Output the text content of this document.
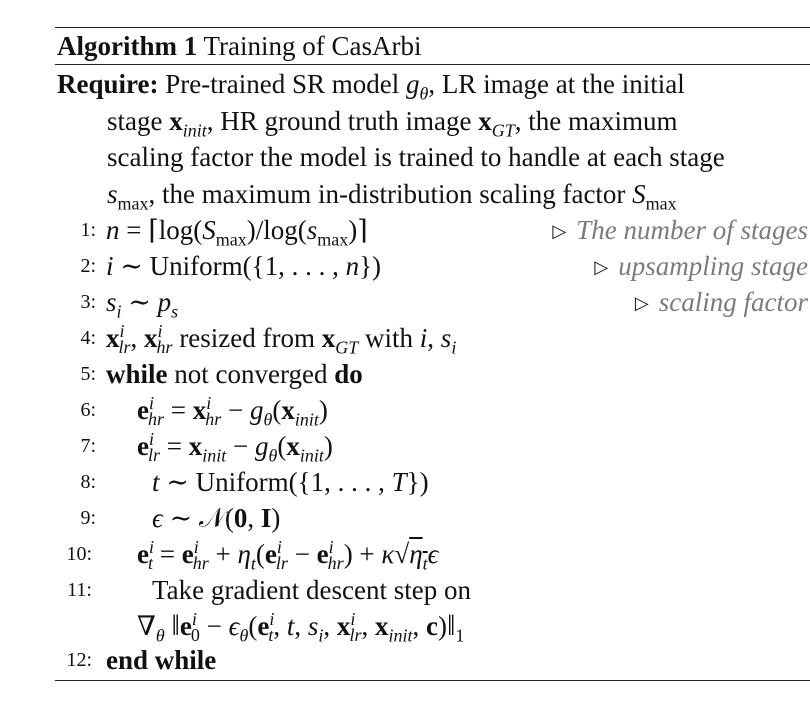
Algorithm 1 Training of CasArbi
Require: Pre-trained SR model $g_\theta$, LR image at the initial
stage $x_{init}$, HR ground truth image $x_{GT}$, the maximum
scaling factor the model is trained to handle at each stage
$s_{max}$, the maximum in-distribution scaling factor $S_{max}$
1: $n = ⌈\log(S_{max})/\log(s_{max})⌉$	▷ The number of stages
2: i ∼ Uniform({1, . . . , n})	▷ upsampling stage
3: $s_i$ ∼ $p_s$	▷ scaling factor
4: $x^i_{lr}$, $x^i_{hr}$ resized from $x_{GT}$ with i, $s_i$
5: while not converged do
6: $e^i_{hr} = x^i_{hr} - g_\theta(x_{init})$
7: $e^i_{lr} = x_{init} - g_\theta(x_{init})$
8: t ∼ Uniform({1, . . . , T})
9: ϵ ∼ 𝒩(0, I)
10: $e^i_t = e^i_{hr} + \eta_t(e^i_{lr} - e^i_{hr}) + \kappa√\eta_t\epsilon$
11: Take gradient descent step on
$\nabla_\theta$ $‖e^i_0 - \epsilon_\theta(e^i_t$, t, $s_i$, $x^i_{lr}$, $x_{init}$, $c)‖_1$
12: end while
